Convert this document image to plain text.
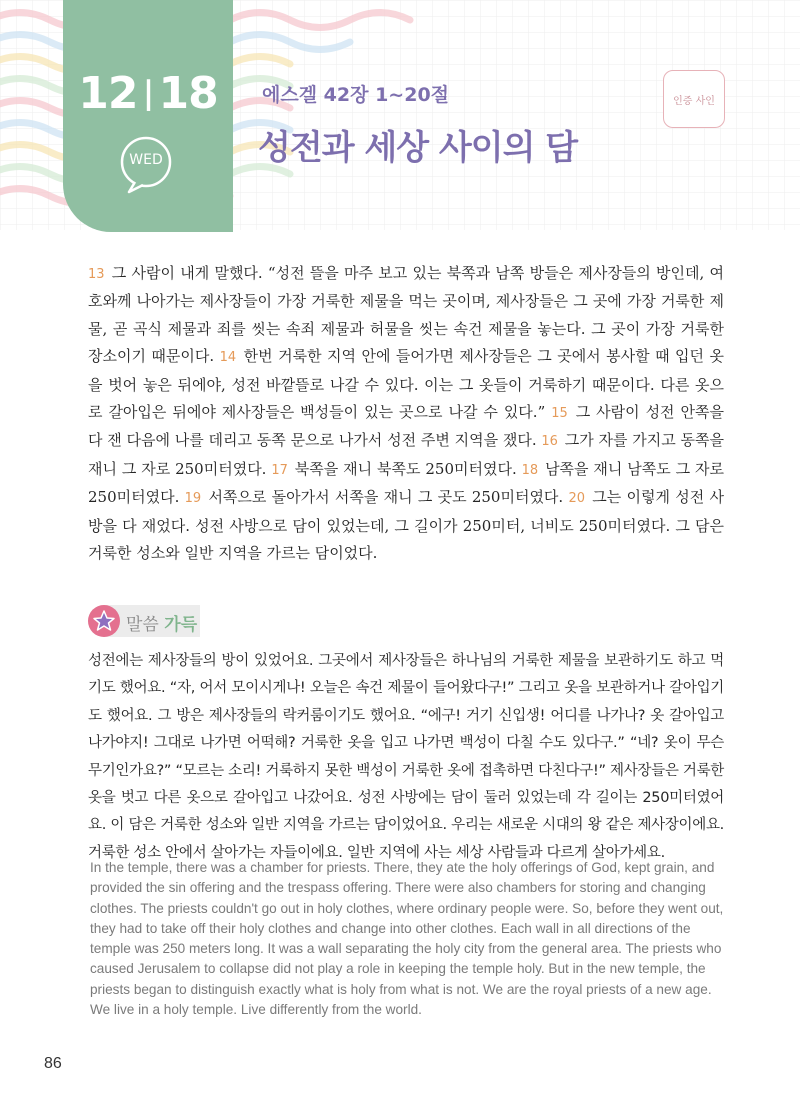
12 ǀ 18
WED
에스겔 42장 1~20절
성전과 세상 사이의 담
인증 사인
13 그 사람이 내게 말했다. “성전 뜰을 마주 보고 있는 북쪽과 남쪽 방들은 제사장들의 방인데, 여호와께 나아가는 제사장들이 가장 거룩한 제물을 먹는 곳이며, 제사장들은 그 곳에 가장 거룩한 제물, 곧 곡식 제물과 죄를 씻는 속죄 제물과 허물을 씻는 속건 제물을 놓는다. 그 곳이 가장 거룩한 장소이기 때문이다. 14 한번 거룩한 지역 안에 들어가면 제사장들은 그 곳에서 봉사할 때 입던 옷을 벗어 놓은 뒤에야, 성전 바깥뜰로 나갈 수 있다. 이는 그 옷들이 거룩하기 때문이다. 다른 옷으로 갈아입은 뒤에야 제사장들은 백성들이 있는 곳으로 나갈 수 있다.” 15 그 사람이 성전 안쪽을 다 잰 다음에 나를 데리고 동쪽 문으로 나가서 성전 주변 지역을 쟀다. 16 그가 자를 가지고 동쪽을 재니 그 자로 250미터였다. 17 북쪽을 재니 북쪽도 250미터였다. 18 남쪽을 재니 남쪽도 그 자로 250미터였다. 19 서쪽으로 돌아가서 서쪽을 재니 그 곳도 250미터였다. 20 그는 이렇게 성전 사방을 다 재었다. 성전 사방으로 담이 있었는데, 그 길이가 250미터, 너비도 250미터였다. 그 담은 거룩한 성소와 일반 지역을 가르는 담이었다.
말씀 가득
성전에는 제사장들의 방이 있었어요. 그곳에서 제사장들은 하나님의 거룩한 제물을 보관하기도 하고 먹기도 했어요. “자, 어서 모이시게나! 오늘은 속건 제물이 들어왔다구!” 그리고 옷을 보관하거나 갈아입기도 했어요. 그 방은 제사장들의 락커룸이기도 했어요. “에구! 거기 신입생! 어디를 나가나? 옷 갈아입고 나가야지! 그대로 나가면 어떡해? 거룩한 옷을 입고 나가면 백성이 다칠 수도 있다구.” “네? 옷이 무슨 무기인가요?” “모르는 소리! 거룩하지 못한 백성이 거룩한 옷에 접촉하면 다친다구!” 제사장들은 거룩한 옷을 벗고 다른 옷으로 갈아입고 나갔어요. 성전 사방에는 담이 둘러 있었는데 각 길이는 250미터였어요. 이 담은 거룩한 성소와 일반 지역을 가르는 담이었어요. 우리는 새로운 시대의 왕 같은 제사장이에요. 거룩한 성소 안에서 살아가는 자들이에요. 일반 지역에 사는 세상 사람들과 다르게 살아가세요.
In the temple, there was a chamber for priests. There, they ate the holy offerings of God, kept grain, and provided the sin offering and the trespass offering. There were also chambers for storing and changing clothes. The priests couldn't go out in holy clothes, where ordinary people were. So, before they went out, they had to take off their holy clothes and change into other clothes. Each wall in all directions of the temple was 250 meters long. It was a wall separating the holy city from the general area. The priests who caused Jerusalem to collapse did not play a role in keeping the temple holy. But in the new temple, the priests began to distinguish exactly what is holy from what is not. We are the royal priests of a new age. We live in a holy temple. Live differently from the world.
86
